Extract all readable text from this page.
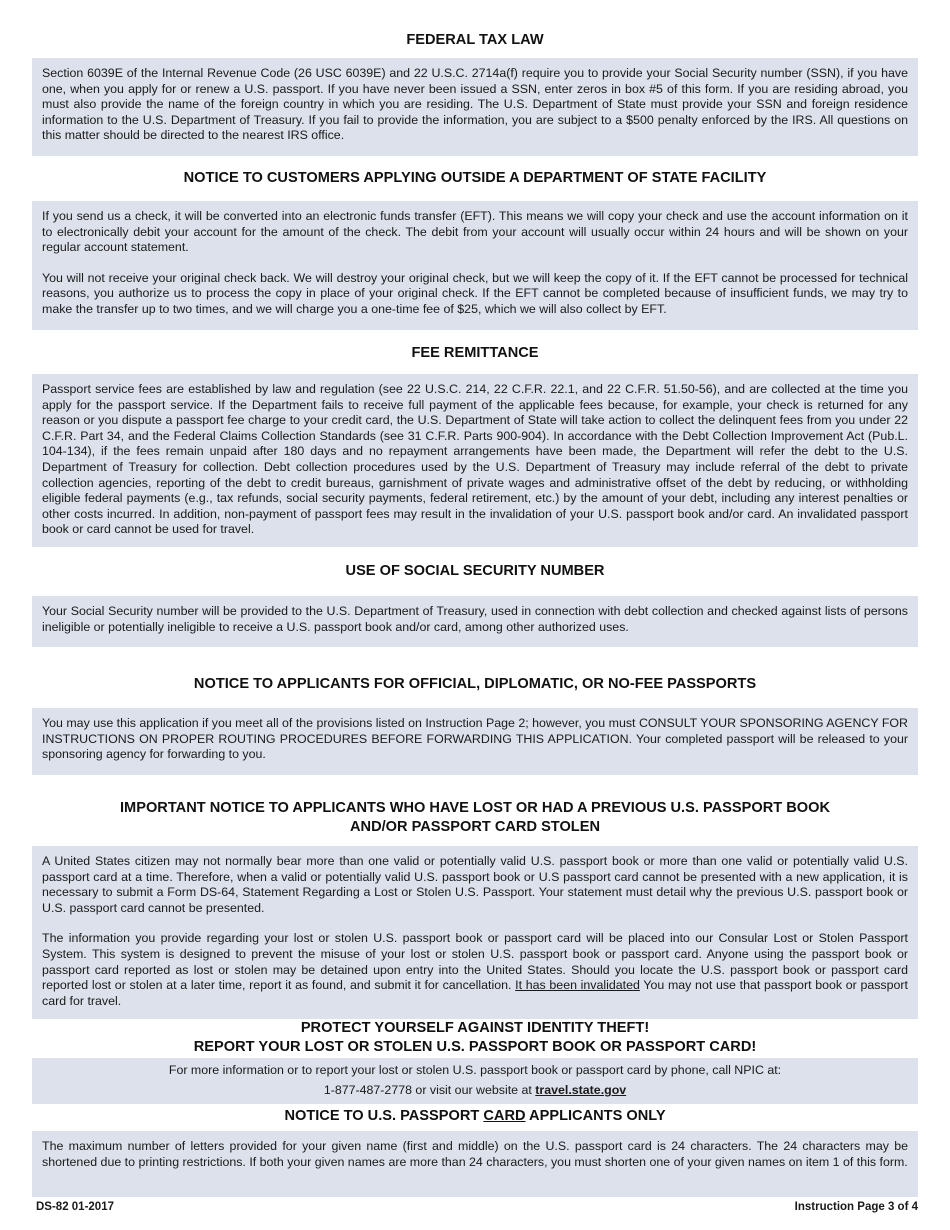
FEDERAL TAX LAW

Section 6039E of the Internal Revenue Code (26 USC 6039E) and 22 U.S.C. 2714a(f) require you to provide your Social Security number (SSN), if you have one, when you apply for or renew a U.S. passport. If you have never been issued a SSN, enter zeros in box #5 of this form. If you are residing abroad, you must also provide the name of the foreign country in which you are residing. The U.S. Department of State must provide your SSN and foreign residence information to the U.S. Department of Treasury. If you fail to provide the information, you are subject to a $500 penalty enforced by the IRS. All questions on this matter should be directed to the nearest IRS office.

NOTICE TO CUSTOMERS APPLYING OUTSIDE A DEPARTMENT OF STATE FACILITY

If you send us a check, it will be converted into an electronic funds transfer (EFT). This means we will copy your check and use the account information on it to electronically debit your account for the amount of the check. The debit from your account will usually occur within 24 hours and will be shown on your regular account statement.

You will not receive your original check back. We will destroy your original check, but we will keep the copy of it. If the EFT cannot be processed for technical reasons, you authorize us to process the copy in place of your original check. If the EFT cannot be completed because of insufficient funds, we may try to make the transfer up to two times, and we will charge you a one-time fee of $25, which we will also collect by EFT.

FEE REMITTANCE

Passport service fees are established by law and regulation (see 22 U.S.C. 214, 22 C.F.R. 22.1, and 22 C.F.R. 51.50-56), and are collected at the time you apply for the passport service. If the Department fails to receive full payment of the applicable fees because, for example, your check is returned for any reason or you dispute a passport fee charge to your credit card, the U.S. Department of State will take action to collect the delinquent fees from you under 22 C.F.R. Part 34, and the Federal Claims Collection Standards (see 31 C.F.R. Parts 900-904). In accordance with the Debt Collection Improvement Act (Pub.L. 104-134), if the fees remain unpaid after 180 days and no repayment arrangements have been made, the Department will refer the debt to the U.S. Department of Treasury for collection. Debt collection procedures used by the U.S. Department of Treasury may include referral of the debt to private collection agencies, reporting of the debt to credit bureaus, garnishment of private wages and administrative offset of the debt by reducing, or withholding eligible federal payments (e.g., tax refunds, social security payments, federal retirement, etc.) by the amount of your debt, including any interest penalties or other costs incurred. In addition, non-payment of passport fees may result in the invalidation of your U.S. passport book and/or card. An invalidated passport book or card cannot be used for travel.

USE OF SOCIAL SECURITY NUMBER

Your Social Security number will be provided to the U.S. Department of Treasury, used in connection with debt collection and checked against lists of persons ineligible or potentially ineligible to receive a U.S. passport book and/or card, among other authorized uses.

NOTICE TO APPLICANTS FOR OFFICIAL, DIPLOMATIC, OR NO-FEE PASSPORTS

You may use this application if you meet all of the provisions listed on Instruction Page 2; however, you must CONSULT YOUR SPONSORING AGENCY FOR INSTRUCTIONS ON PROPER ROUTING PROCEDURES BEFORE FORWARDING THIS APPLICATION. Your completed passport will be released to your sponsoring agency for forwarding to you.

IMPORTANT NOTICE TO APPLICANTS WHO HAVE LOST OR HAD A PREVIOUS U.S. PASSPORT BOOK
AND/OR PASSPORT CARD STOLEN

A United States citizen may not normally bear more than one valid or potentially valid U.S. passport book or more than one valid or potentially valid U.S. passport card at a time. Therefore, when a valid or potentially valid U.S. passport book or U.S passport card cannot be presented with a new application, it is necessary to submit a Form DS-64, Statement Regarding a Lost or Stolen U.S. Passport. Your statement must detail why the previous U.S. passport book or U.S. passport card cannot be presented.

The information you provide regarding your lost or stolen U.S. passport book or passport card will be placed into our Consular Lost or Stolen Passport System. This system is designed to prevent the misuse of your lost or stolen U.S. passport book or passport card. Anyone using the passport book or passport card reported as lost or stolen may be detained upon entry into the United States. Should you locate the U.S. passport book or passport card reported lost or stolen at a later time, report it as found, and submit it for cancellation. It has been invalidated You may not use that passport book or passport card for travel.

PROTECT YOURSELF AGAINST IDENTITY THEFT!
REPORT YOUR LOST OR STOLEN U.S. PASSPORT BOOK OR PASSPORT CARD!

For more information or to report your lost or stolen U.S. passport book or passport card by phone, call NPIC at:

1-877-487-2778 or visit our website at travel.state.gov

NOTICE TO U.S. PASSPORT CARD APPLICANTS ONLY

The maximum number of letters provided for your given name (first and middle) on the U.S. passport card is 24 characters. The 24 characters may be shortened due to printing restrictions. If both your given names are more than 24 characters, you must shorten one of your given names on item 1 of this form.

DS-82 01-2017	Instruction Page 3 of 4
